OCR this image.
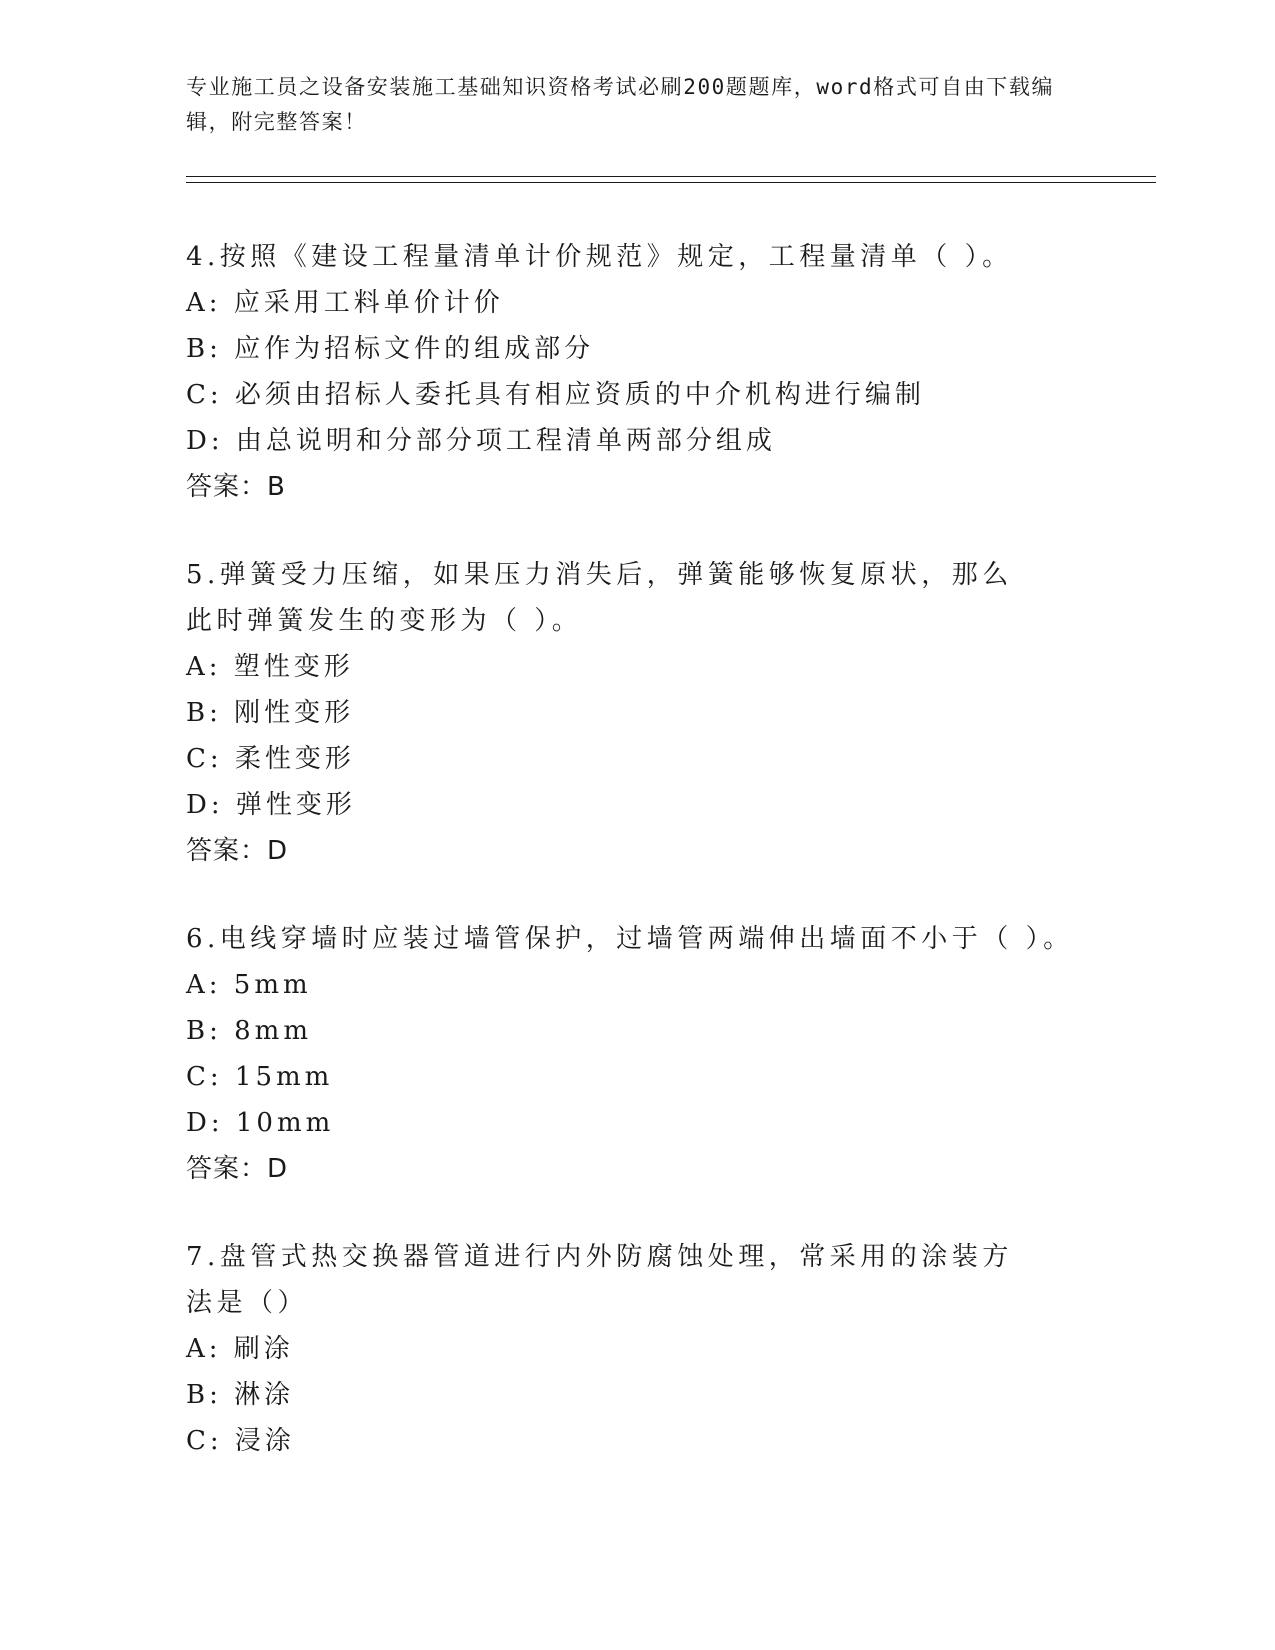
专业施工员之设备安装施工基础知识资格考试必刷200题题库，word格式可自由下载编辑，附完整答案！
4.按照《建设工程量清单计价规范》规定，工程量清单（ ）。
A: 应采用工料单价计价
B: 应作为招标文件的组成部分
C: 必须由招标人委托具有相应资质的中介机构进行编制
D: 由总说明和分部分项工程清单两部分组成
答案：B
5.弹簧受力压缩，如果压力消失后，弹簧能够恢复原状，那么此时弹簧发生的变形为（ ）。
A: 塑性变形
B: 刚性变形
C: 柔性变形
D: 弹性变形
答案：D
6.电线穿墙时应装过墙管保护，过墙管两端伸出墙面不小于（ ）。
A: 5mm
B: 8mm
C: 15mm
D: 10mm
答案：D
7.盘管式热交换器管道进行内外防腐蚀处理，常采用的涂装方法是（）
A: 刷涂
B: 淋涂
C: 浸涂
